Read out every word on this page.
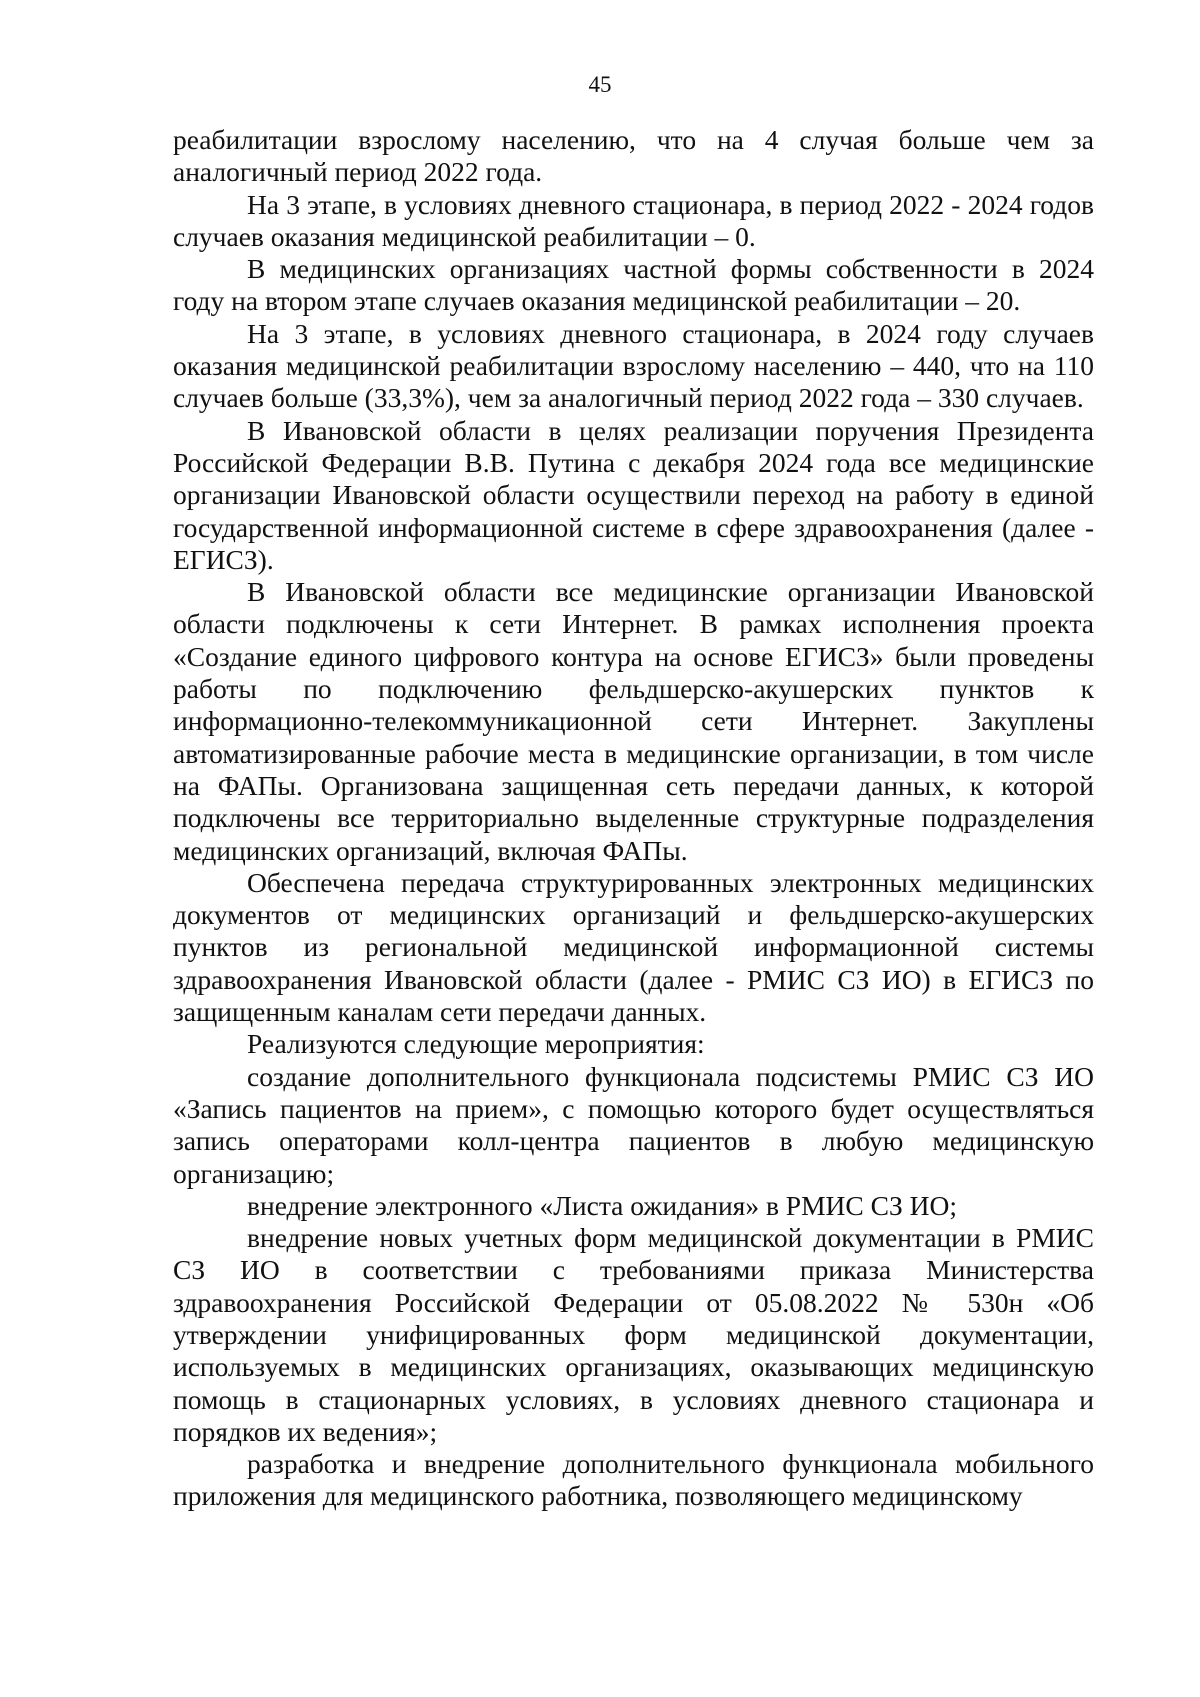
45

реабилитации взрослому населению, что на 4 случая больше чем за аналогичный период 2022 года.

На 3 этапе, в условиях дневного стационара, в период 2022 - 2024 годов случаев оказания медицинской реабилитации – 0.

В медицинских организациях частной формы собственности в 2024 году на втором этапе случаев оказания медицинской реабилитации – 20.

На 3 этапе, в условиях дневного стационара, в 2024 году случаев оказания медицинской реабилитации взрослому населению – 440, что на 110 случаев больше (33,3%), чем за аналогичный период 2022 года – 330 случаев.

В Ивановской области в целях реализации поручения Президента Российской Федерации В.В. Путина с декабря 2024 года все медицинские организации Ивановской области осуществили переход на работу в единой государственной информационной системе в сфере здравоохранения (далее - ЕГИСЗ).

В Ивановской области все медицинские организации Ивановской области подключены к сети Интернет. В рамках исполнения проекта «Создание единого цифрового контура на основе ЕГИСЗ» были проведены работы по подключению фельдшерско-акушерских пунктов к информационно-телекоммуникационной сети Интернет. Закуплены автоматизированные рабочие места в медицинские организации, в том числе на ФАПы. Организована защищенная сеть передачи данных, к которой подключены все территориально выделенные структурные подразделения медицинских организаций, включая ФАПы.

Обеспечена передача структурированных электронных медицинских документов от медицинских организаций и фельдшерско-акушерских пунктов из региональной медицинской информационной системы здравоохранения Ивановской области (далее - РМИС СЗ ИО) в ЕГИСЗ по защищенным каналам сети передачи данных.

Реализуются следующие мероприятия:

создание дополнительного функционала подсистемы РМИС СЗ ИО «Запись пациентов на прием», с помощью которого будет осуществляться запись операторами колл-центра пациентов в любую медицинскую организацию;

внедрение электронного «Листа ожидания» в РМИС СЗ ИО;

внедрение новых учетных форм медицинской документации в РМИС СЗ ИО в соответствии с требованиями приказа Министерства здравоохранения Российской Федерации от 05.08.2022 № 530н «Об утверждении унифицированных форм медицинской документации, используемых в медицинских организациях, оказывающих медицинскую помощь в стационарных условиях, в условиях дневного стационара и порядков их ведения»;

разработка и внедрение дополнительного функционала мобильного приложения для медицинского работника, позволяющего медицинскому
